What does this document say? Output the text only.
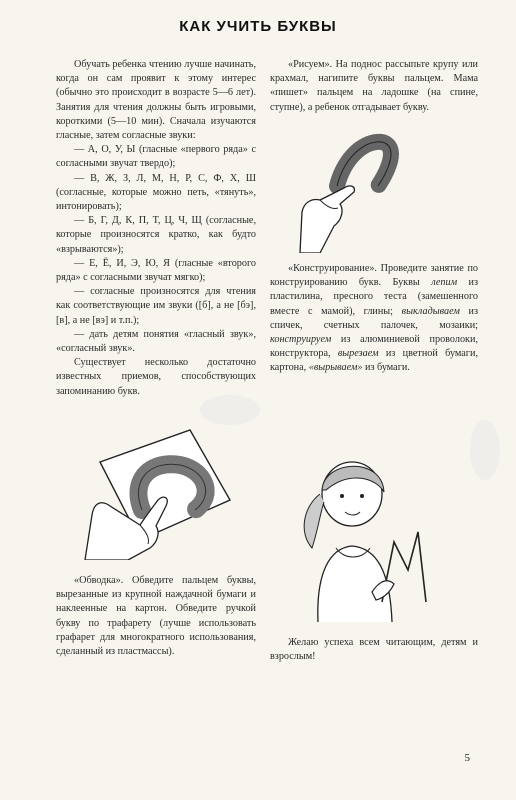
КАК УЧИТЬ БУКВЫ

Обучать ребенка чтению лучше начинать, когда он сам проявит к этому интерес (обычно это происходит в возрасте 5—6 лет). Занятия для чтения должны быть игровыми, короткими (5—10 мин). Сначала изучаются гласные, затем согласные звуки:

— А, О, У, Ы (гласные «первого ряда» с согласными звучат твердо);

— В, Ж, З, Л, М, Н, Р, С, Ф, Х, Ш (согласные, которые можно петь, «тянуть», интонировать);

— Б, Г, Д, К, П, Т, Ц, Ч, Щ (согласные, которые произносятся кратко, как будто «взрываются»);

— Е, Ё, И, Э, Ю, Я (гласные «второго ряда» с согласными звучат мягко);

— согласные произносятся для чтения как соответствующие им звуки ([б], а не [бэ], [в], а не [вэ] и т.п.);

— дать детям понятия «гласный звук», «согласный звук».

Существует несколько достаточно известных приемов, способствующих запоминанию букв.

«Обводка». Обведите пальцем буквы, вырезанные из крупной наждачной бумаги и наклеенные на картон. Обведите ручкой букву по трафарету (лучше использовать графарет для многократного использования, сделанный из пластмассы).

«Рисуем». На поднос рассыпьте крупу или крахмал, нагипите буквы пальцем. Мама «пишет» пальцем на ладошке (на спине, ступне), а ребенок отгадывает букву.

«Конструирование». Проведите занятие по конструированию букв. Буквы лепим из пластилина, пресного теста (замешенного вместе с мамой), глины; выкладываем из спичек, счетных палочек, мозаики; конструируем из алюминиевой проволоки, конструктора, вырезаем из цветной бумаги, картона, «вырываем» из бумаги.

Желаю успеха всем читающим, детям и взрослым!

5
